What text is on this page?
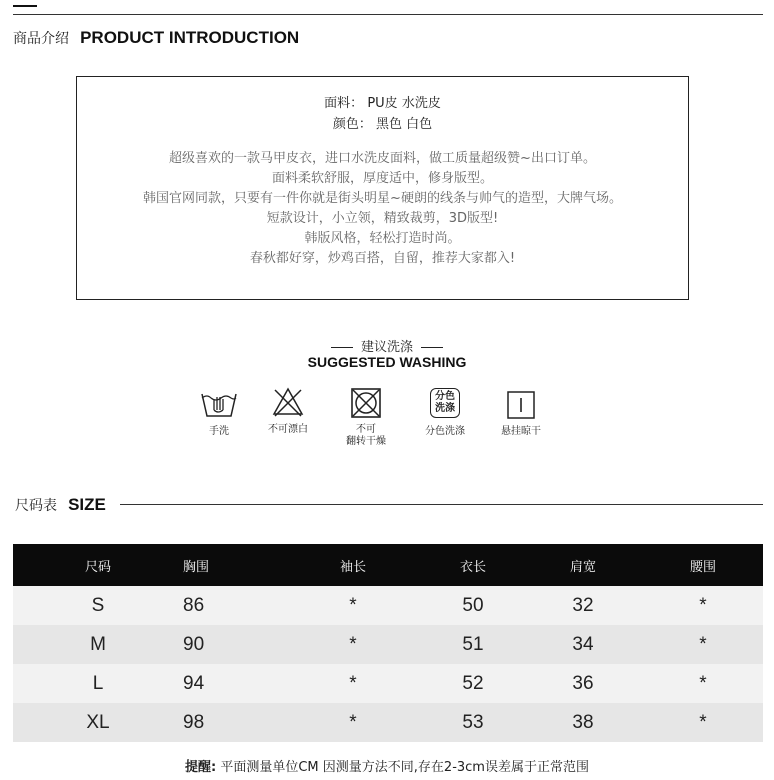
商品介绍 PRODUCT INTRODUCTION
面料： PU皮 水洗皮
颜色： 黑色 白色
超级喜欢的一款马甲皮衣，进口水洗皮面料，做工质量超级赞~出口订单。
面料柔软舒服，厚度适中，修身版型。
韩国官网同款，只要有一件你就是街头明星~硬朗的线条与帅气的造型，大牌气场。
短款设计，小立领，精致裁剪，3D版型!
韩版风格，轻松打造时尚。
春秋都好穿，炒鸡百搭，自留，推荐大家都入!
建议洗涤
SUGGESTED WASHING
手洗	不可漂白	不可
翻转干燥
分色
洗涤
分色洗涤	悬挂晾干
尺码表 SIZE
尺码	胸围	袖长	衣长	肩宽	腰围
S	86	*	50	32	*
M	90	*	51	34	*
L	94	*	52	36	*
XL	98	*	53	38	*
提醒: 平面测量单位CM 因测量方法不同,存在2-3cm误差属于正常范围
